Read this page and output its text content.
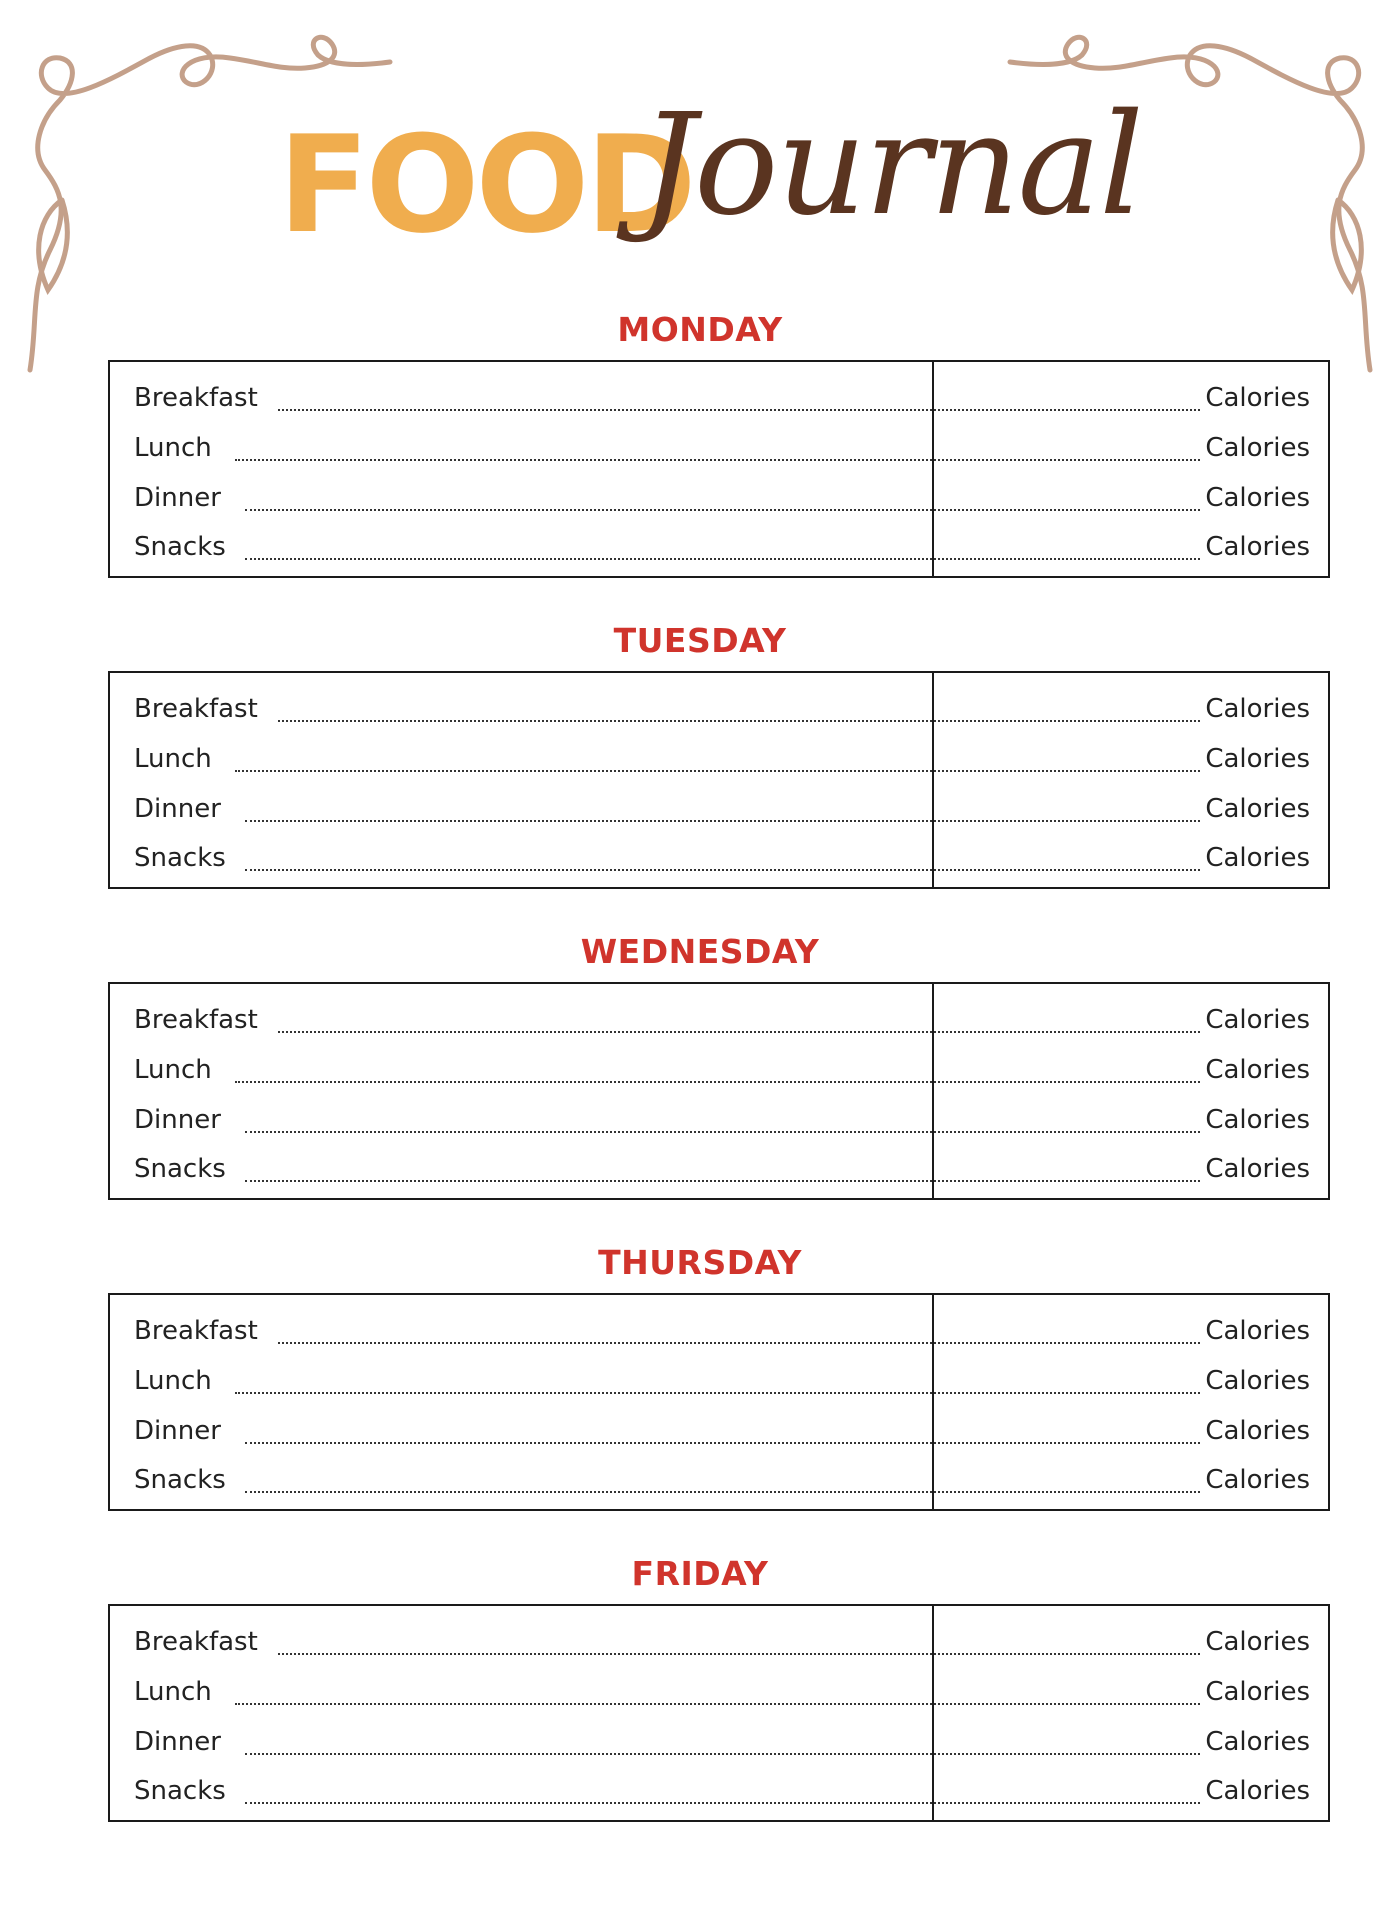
FOOD
Journal
MONDAY
Breakfast	Calories
Lunch	Calories
Dinner	Calories
Snacks	Calories
TUESDAY
Breakfast	Calories
Lunch	Calories
Dinner	Calories
Snacks	Calories
WEDNESDAY
Breakfast	Calories
Lunch	Calories
Dinner	Calories
Snacks	Calories
THURSDAY
Breakfast	Calories
Lunch	Calories
Dinner	Calories
Snacks	Calories
FRIDAY
Breakfast	Calories
Lunch	Calories
Dinner	Calories
Snacks	Calories
